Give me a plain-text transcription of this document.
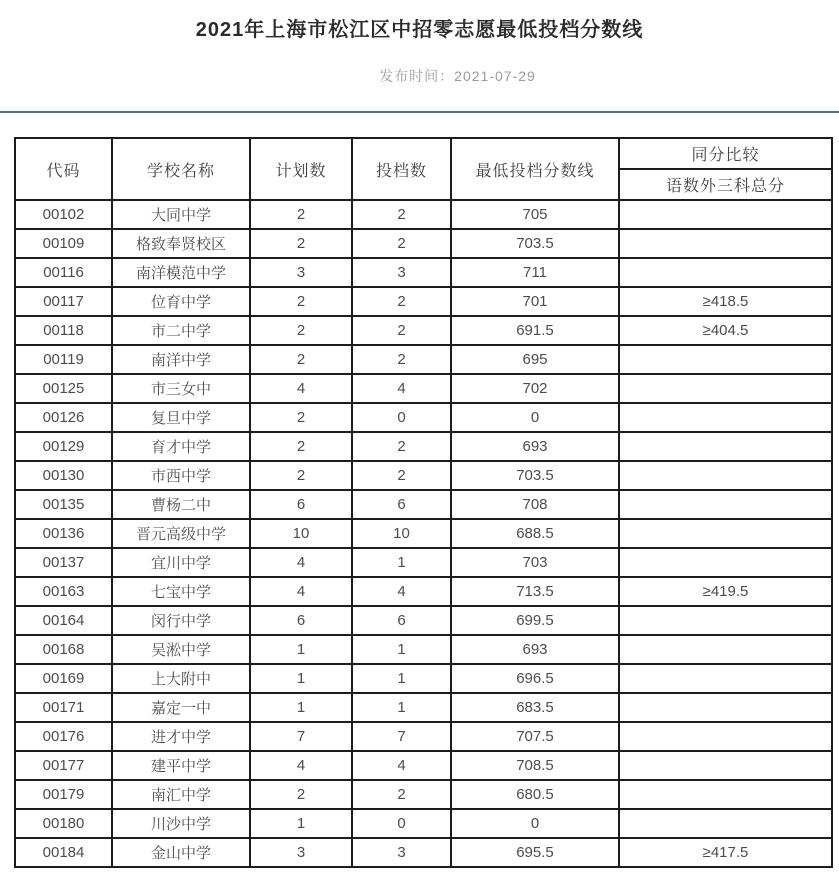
2021年上海市松江区中招零志愿最低投档分数线
发布时间：2021-07-29
代码	学校名称	计划数	投档数	最低投档分数线	同分比较
					语数外三科总分
00102	大同中学	2	2	705	
00109	格致奉贤校区	2	2	703.5	
00116	南洋模范中学	3	3	711	
00117	位育中学	2	2	701	≥418.5
00118	市二中学	2	2	691.5	≥404.5
00119	南洋中学	2	2	695	
00125	市三女中	4	4	702	
00126	复旦中学	2	0	0	
00129	育才中学	2	2	693	
00130	市西中学	2	2	703.5	
00135	曹杨二中	6	6	708	
00136	晋元高级中学	10	10	688.5	
00137	宜川中学	4	1	703	
00163	七宝中学	4	4	713.5	≥419.5
00164	闵行中学	6	6	699.5	
00168	吴淞中学	1	1	693	
00169	上大附中	1	1	696.5	
00171	嘉定一中	1	1	683.5	
00176	进才中学	7	7	707.5	
00177	建平中学	4	4	708.5	
00179	南汇中学	2	2	680.5	
00180	川沙中学	1	0	0	
00184	金山中学	3	3	695.5	≥417.5
